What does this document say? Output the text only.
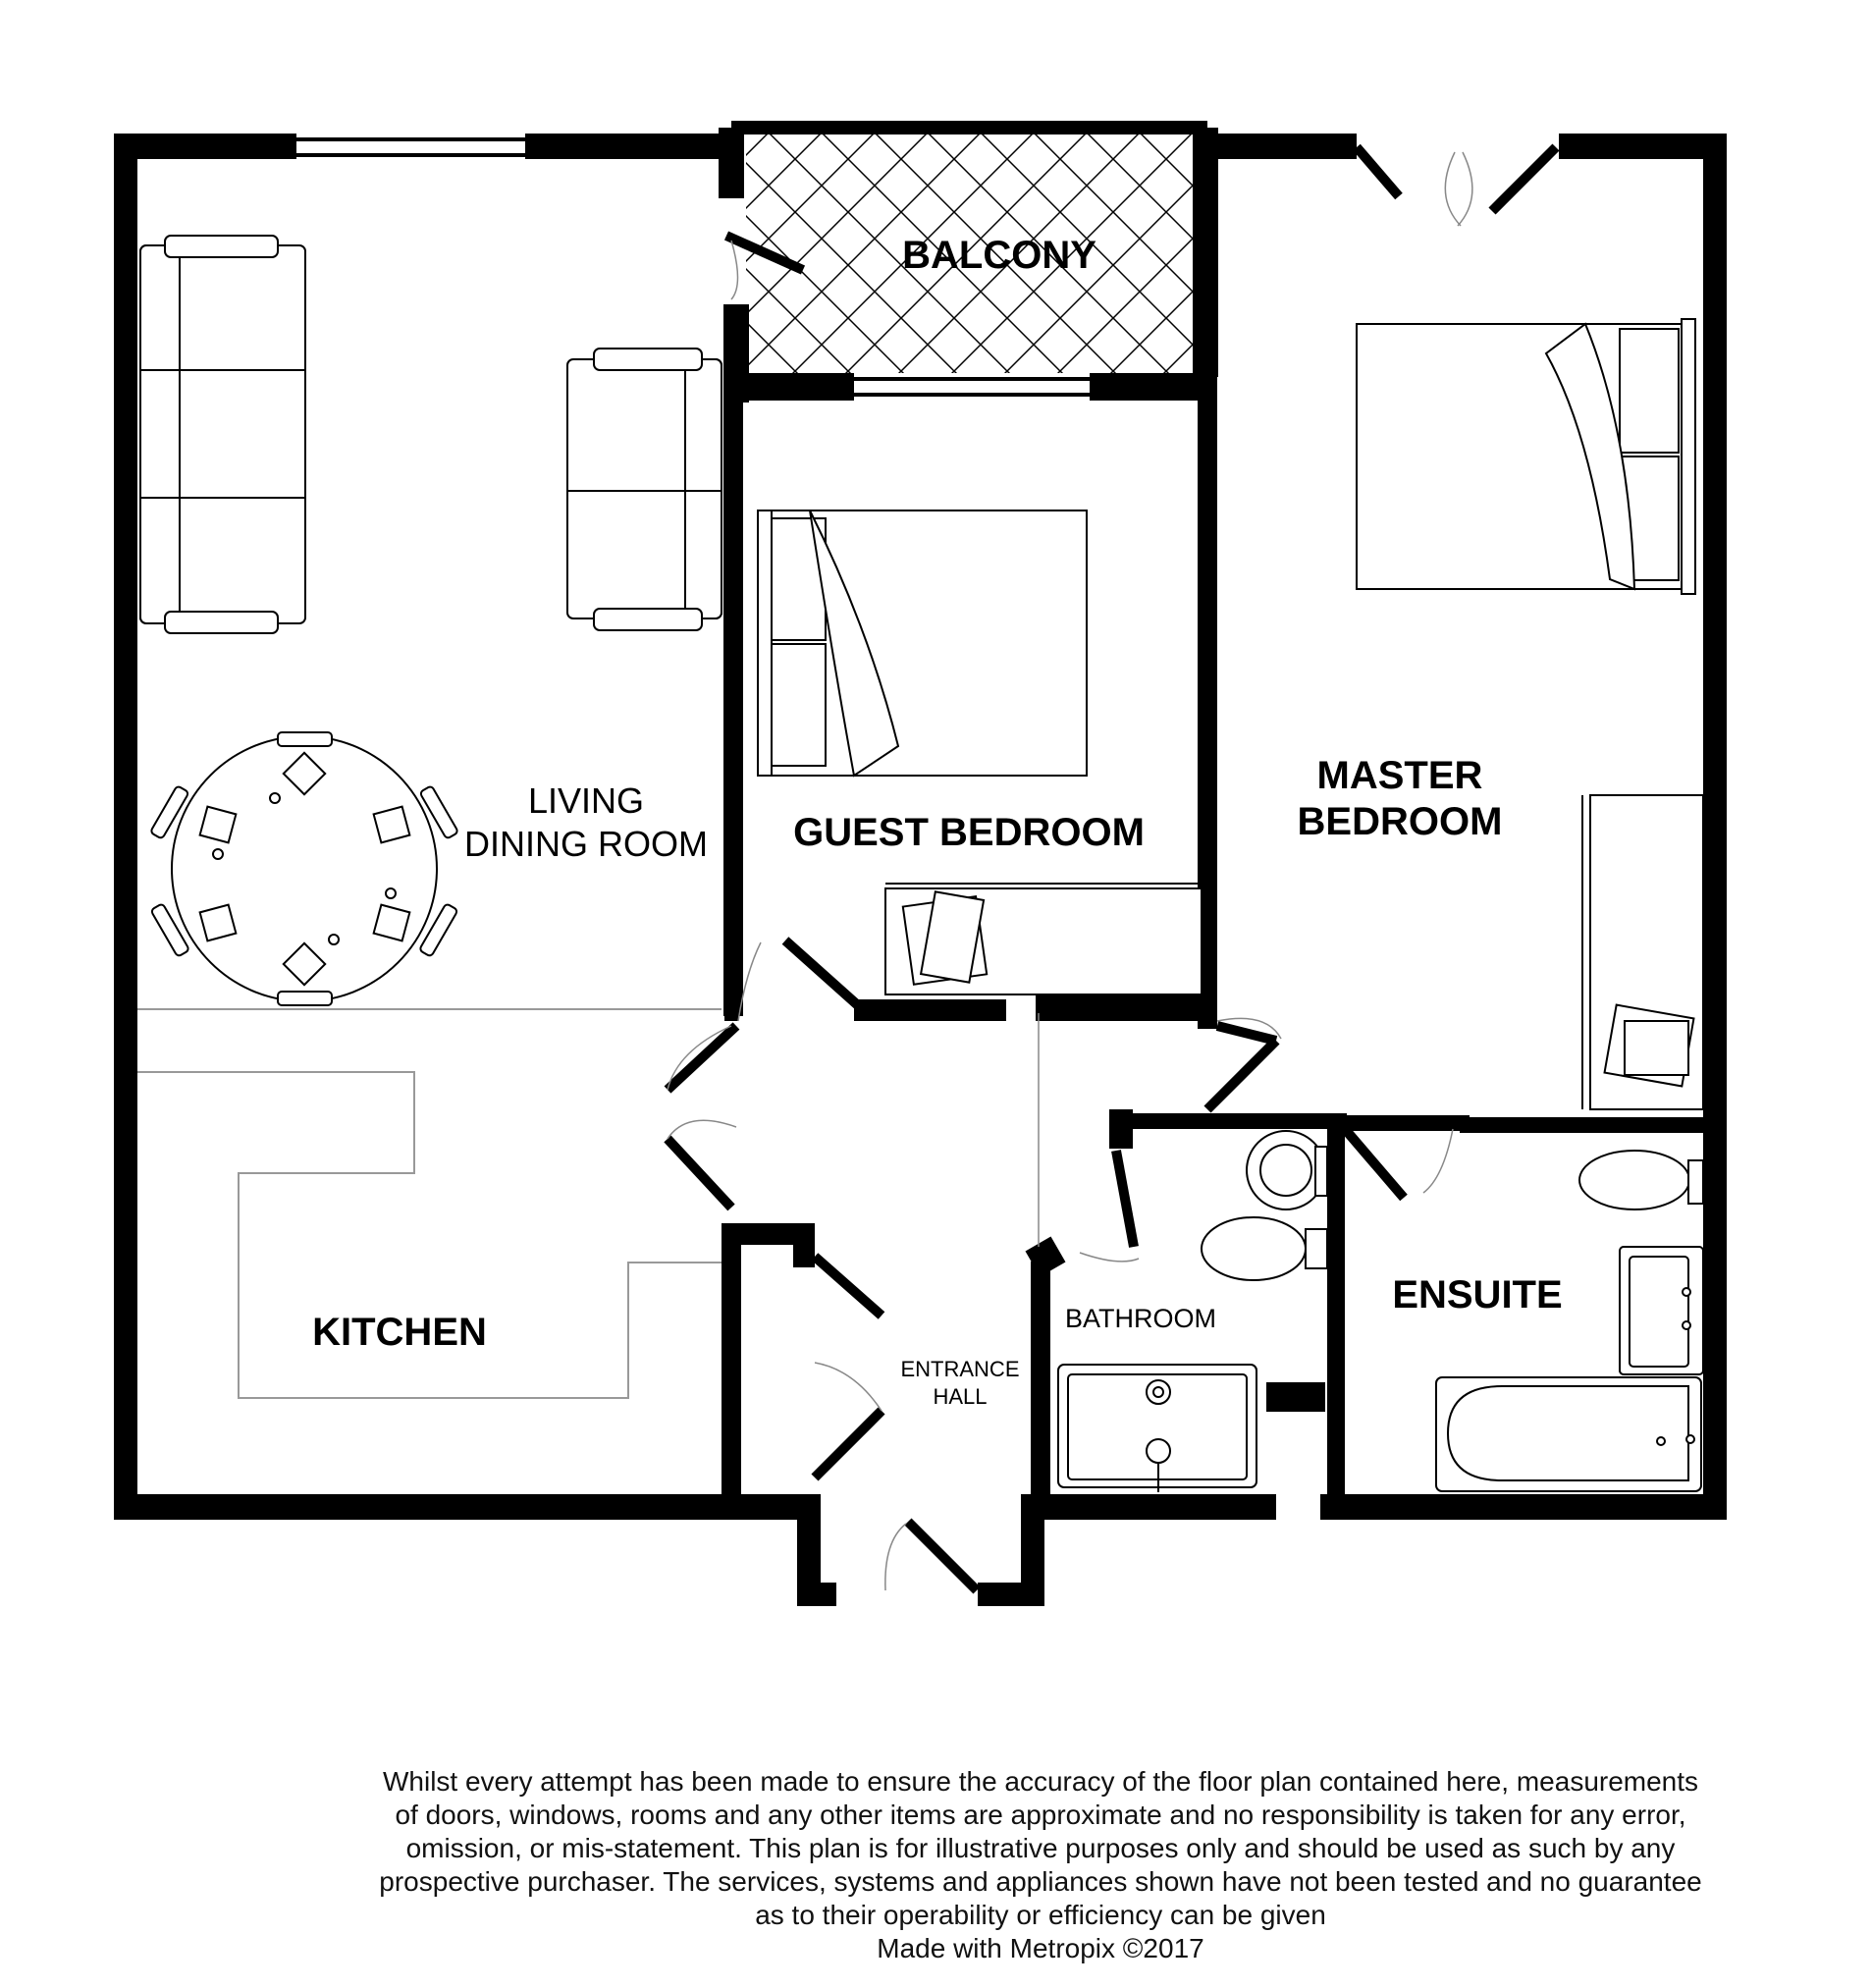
BALCONY
LIVING
DINING ROOM GUEST BEDROOM
MASTER
BEDROOM
KITCHEN	BATHROOM
ENSUITE
ENTRANCE
HALL
Whilst every attempt has been made to ensure the accuracy of the floor plan contained here, measurements
of doors, windows, rooms and any other items are approximate and no responsibility is taken for any error,
omission, or mis-statement. This plan is for illustrative purposes only and should be used as such by any
prospective purchaser. The services, systems and appliances shown have not been tested and no guarantee
as to their operability or efficiency can be given
Made with Metropix ©2017
